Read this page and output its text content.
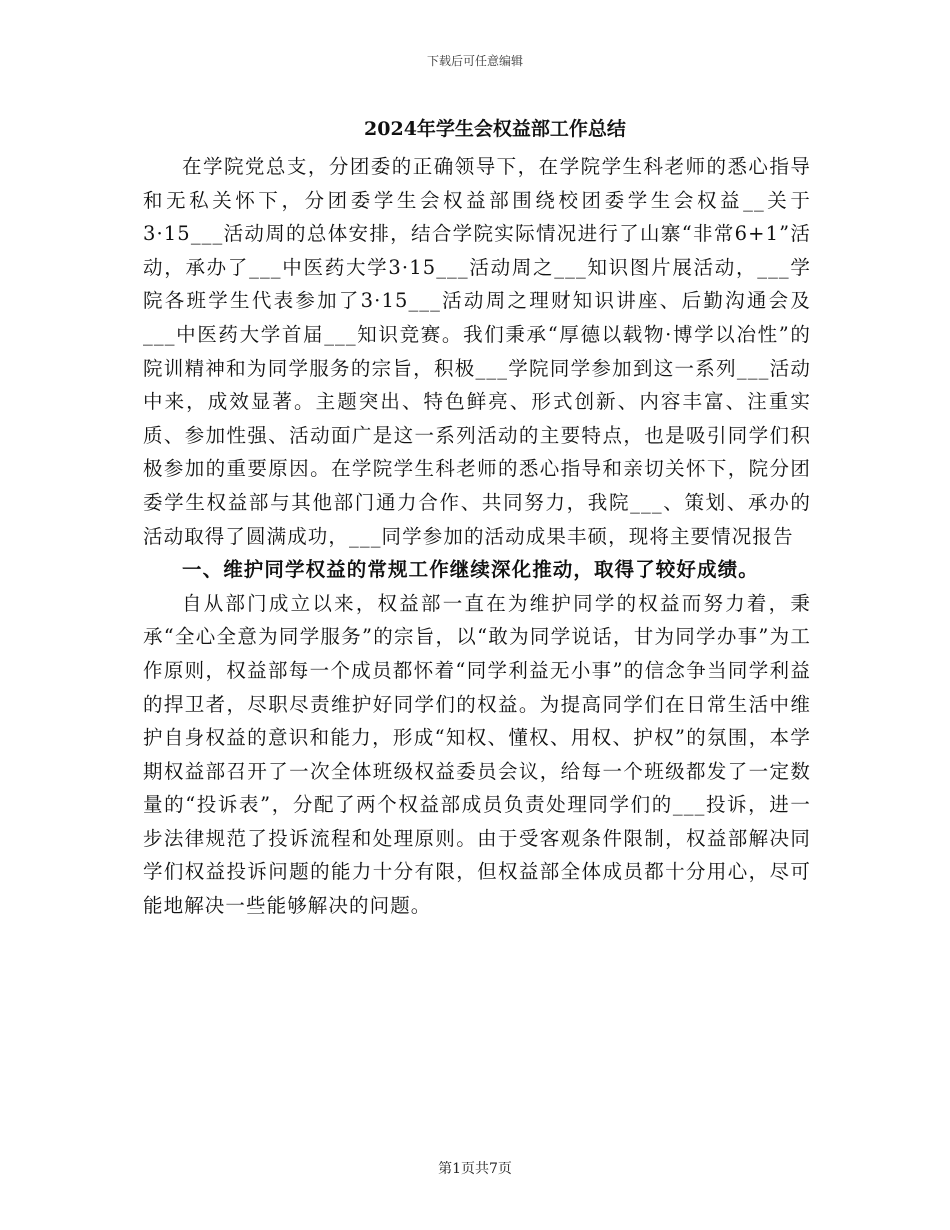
下载后可任意编辑
2024年学生会权益部工作总结

在学院党总支，分团委的正确领导下，在学院学生科老师的悉心指导和无私关怀下，分团委学生会权益部围绕校团委学生会权益__关于3·15___活动周的总体安排，结合学院实际情况进行了山寨“非常6+1”活动，承办了___中医药大学3·15___活动周之___知识图片展活动，___学院各班学生代表参加了3·15___活动周之理财知识讲座、后勤沟通会及___中医药大学首届___知识竞赛。我们秉承“厚德以载物·博学以冶性”的院训精神和为同学服务的宗旨，积极___学院同学参加到这一系列___活动中来，成效显著。主题突出、特色鲜亮、形式创新、内容丰富、注重实质、参加性强、活动面广是这一系列活动的主要特点，也是吸引同学们积极参加的重要原因。在学院学生科老师的悉心指导和亲切关怀下，院分团委学生权益部与其他部门通力合作、共同努力，我院___、策划、承办的活动取得了圆满成功，___同学参加的活动成果丰硕，现将主要情况报告

一、维护同学权益的常规工作继续深化推动，取得了较好成绩。

自从部门成立以来，权益部一直在为维护同学的权益而努力着，秉承“全心全意为同学服务”的宗旨，以“敢为同学说话，甘为同学办事”为工作原则，权益部每一个成员都怀着“同学利益无小事”的信念争当同学利益的捍卫者，尽职尽责维护好同学们的权益。为提高同学们在日常生活中维护自身权益的意识和能力，形成“知权、懂权、用权、护权”的氛围，本学期权益部召开了一次全体班级权益委员会议，给每一个班级都发了一定数量的“投诉表”，分配了两个权益部成员负责处理同学们的___投诉，进一步法律规范了投诉流程和处理原则。由于受客观条件限制，权益部解决同学们权益投诉问题的能力十分有限，但权益部全体成员都十分用心，尽可能地解决一些能够解决的问题。

第1页共7页
